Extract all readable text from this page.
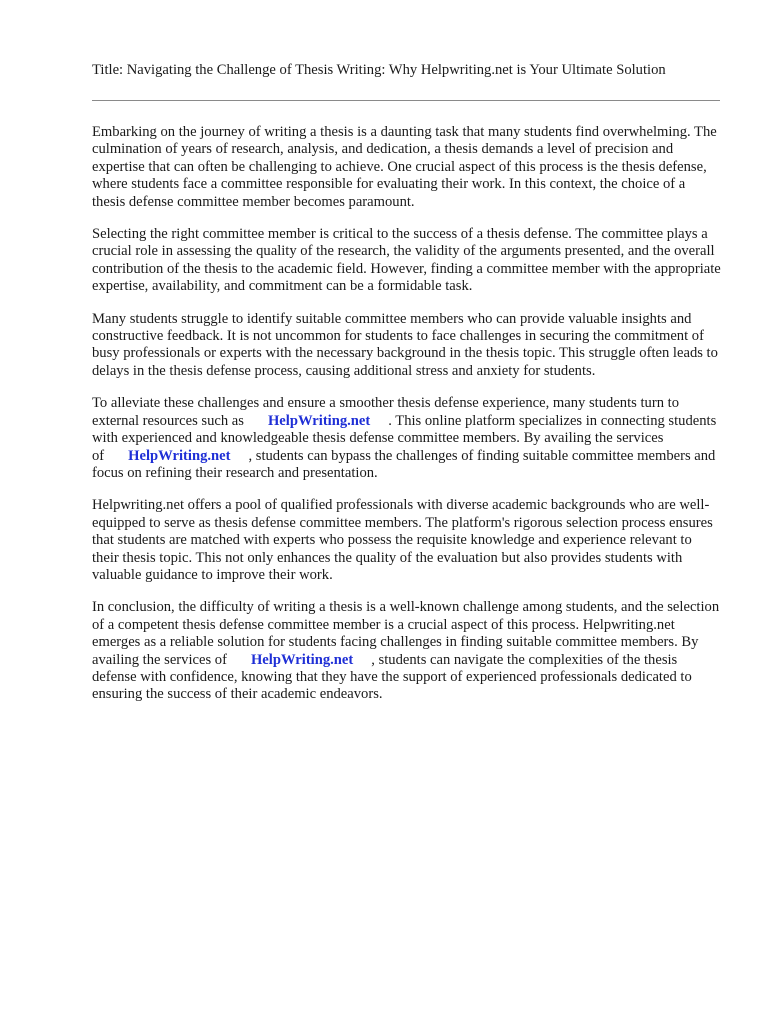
Title: Navigating the Challenge of Thesis Writing: Why Helpwriting.net is Your Ultimate Solution

Embarking on the journey of writing a thesis is a daunting task that many students find overwhelming. The culmination of years of research, analysis, and dedication, a thesis demands a level of precision and expertise that can often be challenging to achieve. One crucial aspect of this process is the thesis defense, where students face a committee responsible for evaluating their work. In this context, the choice of a thesis defense committee member becomes paramount.

Selecting the right committee member is critical to the success of a thesis defense. The committee plays a crucial role in assessing the quality of the research, the validity of the arguments presented, and the overall contribution of the thesis to the academic field. However, finding a committee member with the appropriate expertise, availability, and commitment can be a formidable task.

Many students struggle to identify suitable committee members who can provide valuable insights and constructive feedback. It is not uncommon for students to face challenges in securing the commitment of busy professionals or experts with the necessary background in the thesis topic. This struggle often leads to delays in the thesis defense process, causing additional stress and anxiety for students.

To alleviate these challenges and ensure a smoother thesis defense experience, many students turn to external resources such as HelpWriting.net . This online platform specializes in connecting students with experienced and knowledgeable thesis defense committee members. By availing the services of HelpWriting.net , students can bypass the challenges of finding suitable committee members and focus on refining their research and presentation.

Helpwriting.net offers a pool of qualified professionals with diverse academic backgrounds who are well-equipped to serve as thesis defense committee members. The platform's rigorous selection process ensures that students are matched with experts who possess the requisite knowledge and experience relevant to their thesis topic. This not only enhances the quality of the evaluation but also provides students with valuable guidance to improve their work.

In conclusion, the difficulty of writing a thesis is a well-known challenge among students, and the selection of a competent thesis defense committee member is a crucial aspect of this process. Helpwriting.net emerges as a reliable solution for students facing challenges in finding suitable committee members. By availing the services of HelpWriting.net , students can navigate the complexities of the thesis defense with confidence, knowing that they have the support of experienced professionals dedicated to ensuring the success of their academic endeavors.
